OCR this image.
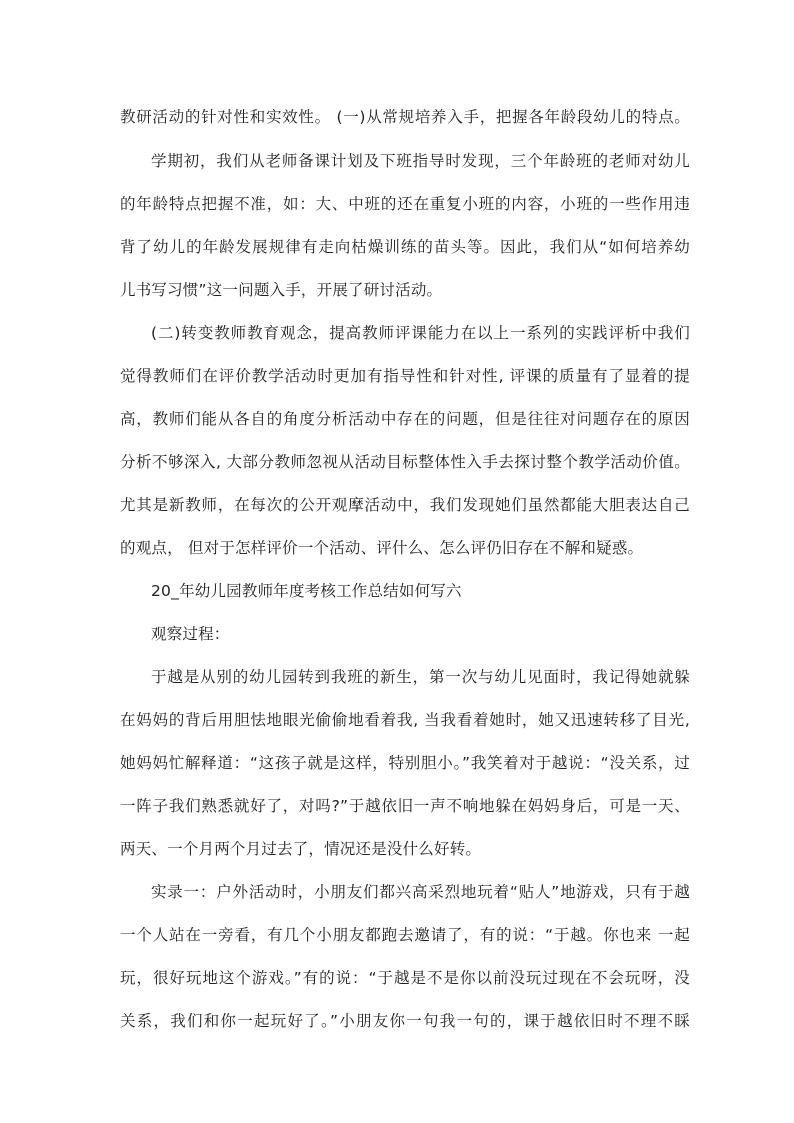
教研活动的针对性和实效性。 (一)从常规培养入手，把握各年龄段幼儿的特点。
学期初，我们从老师备课计划及下班指导时发现，三个年龄班的老师对幼儿
的年龄特点把握不准，如：大、中班的还在重复小班的内容，小班的一些作用违
背了幼儿的年龄发展规律有走向枯燥训练的苗头等。因此，我们从“如何培养幼
儿书写习惯”这一问题入手，开展了研讨活动。
(二)转变教师教育观念，提高教师评课能力在以上一系列的实践评析中我们
觉得教师们在评价教学活动时更加有指导性和针对性, 评课的质量有了显着的提
高，教师们能从各自的角度分析活动中存在的问题，但是往往对问题存在的原因
分析不够深入, 大部分教师忽视从活动目标整体性入手去探讨整个教学活动价值。
尤其是新教师，在每次的公开观摩活动中，我们发现她们虽然都能大胆表达自己
的观点， 但对于怎样评价一个活动、评什么、怎么评仍旧存在不解和疑惑。
20_年幼儿园教师年度考核工作总结如何写六
观察过程：
于越是从别的幼儿园转到我班的新生，第一次与幼儿见面时，我记得她就躲
在妈妈的背后用胆怯地眼光偷偷地看着我, 当我看着她时，她又迅速转移了目光,
她妈妈忙解释道：“这孩子就是这样，特别胆小。”我笑着对于越说：“没关系，过
一阵子我们熟悉就好了，对吗?”于越依旧一声不响地躲在妈妈身后，可是一天、
两天、一个月两个月过去了，情况还是没什么好转。
实录一：户外活动时，小朋友们都兴高采烈地玩着“贴人”地游戏，只有于越
一个人站在一旁看，有几个小朋友都跑去邀请了，有的说：“于越。你也来 一起
玩，很好玩地这个游戏。”有的说：“于越是不是你以前没玩过现在不会玩呀，没
关系，我们和你一起玩好了。”小朋友你一句我一句的，课于越依旧时不理不睬
